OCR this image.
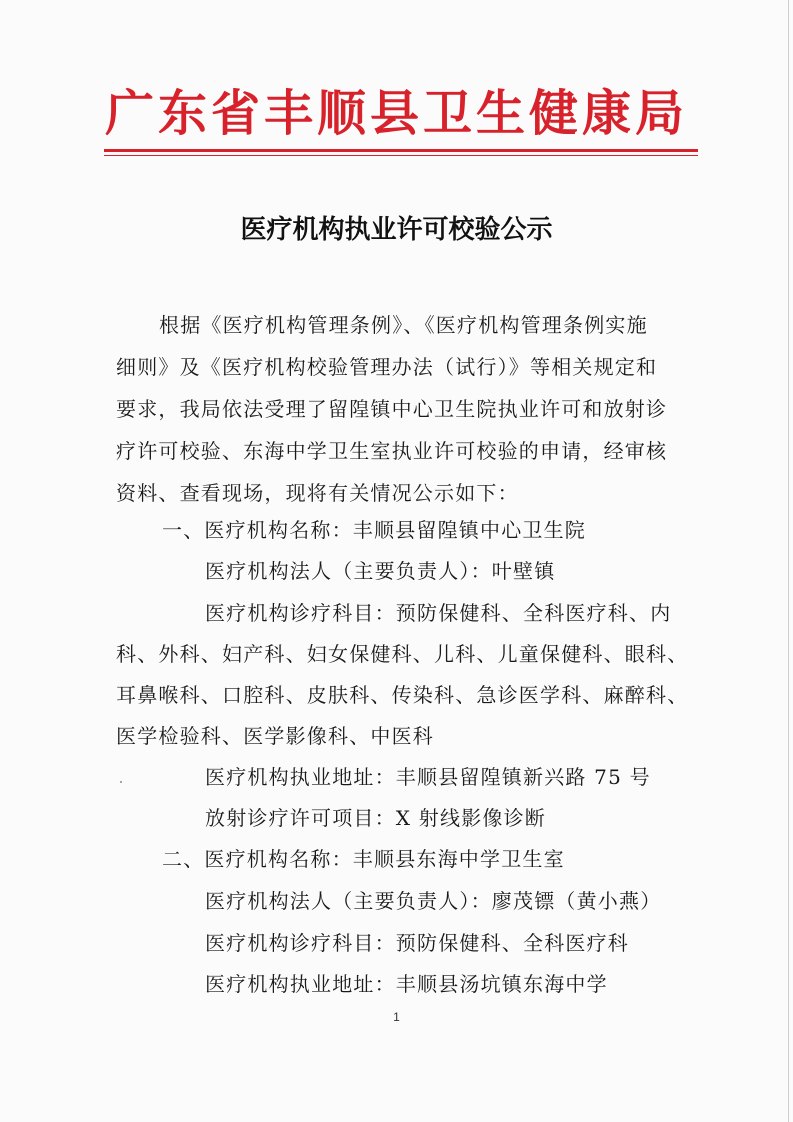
广东省丰顺县卫生健康局
医疗机构执业许可校验公示
根据《医疗机构管理条例》、《医疗机构管理条例实施
细则》及《医疗机构校验管理办法（试行）》等相关规定和
要求，我局依法受理了留隍镇中心卫生院执业许可和放射诊
疗许可校验、东海中学卫生室执业许可校验的申请，经审核
资料、查看现场，现将有关情况公示如下：
一、医疗机构名称：丰顺县留隍镇中心卫生院
医疗机构法人（主要负责人）：叶壁镇
医疗机构诊疗科目：预防保健科、全科医疗科、内
科、外科、妇产科、妇女保健科、儿科、儿童保健科、眼科、
耳鼻喉科、口腔科、皮肤科、传染科、急诊医学科、麻醉科、
医学检验科、医学影像科、中医科
医疗机构执业地址：丰顺县留隍镇新兴路 75 号
放射诊疗许可项目：X 射线影像诊断
二、医疗机构名称：丰顺县东海中学卫生室
医疗机构法人（主要负责人）：廖茂镖（黄小燕）
医疗机构诊疗科目：预防保健科、全科医疗科
医疗机构执业地址：丰顺县汤坑镇东海中学
1
